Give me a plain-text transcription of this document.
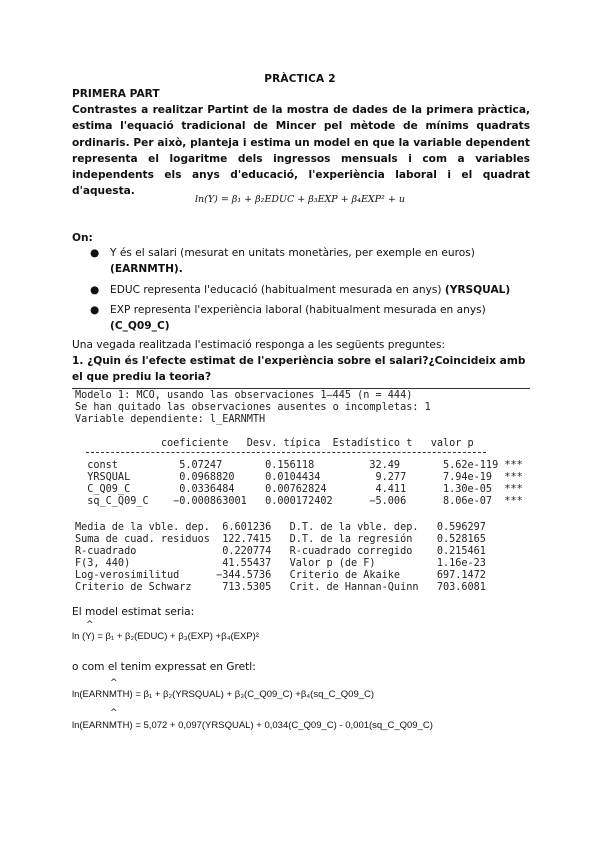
PRÀCTICA 2
PRIMERA PART
Contrastes a realitzar Partint de la mostra de dades de la primera pràctica, estima l'equació tradicional de Mincer pel mètode de mínims quadrats ordinaris. Per això, planteja i estima un model en que la variable dependent representa el logaritme dels ingressos mensuals i com a variables independents els anys d'educació, l'experiència laboral i el quadrat d'aquesta.
ln(Y) = β₁ + β₂EDUC + β₃EXP + β₄EXP² + u
On:
● Y és el salari (mesurat en unitats monetàries, per exemple en euros) (EARNMTH).
● EDUC representa l'educació (habitualment mesurada en anys) (YRSQUAL)
● EXP representa l'experiència laboral (habitualment mesurada en anys) (C_Q09_C)
Una vegada realitzada l'estimació responga a les següents preguntes:
1. ¿Quin és l'efecte estimat de l'experiència sobre el salari?¿Coincideix amb el que prediu la teoria?
Modelo 1: MCO, usando las observaciones 1–445 (n = 444)
Se han quitado las observaciones ausentes o incompletas: 1
Variable dependiente: l_EARNMTH
coeficiente   Desv. típica  Estadístico t   valor p
const          5.07247       0.156118         32.49       5.62e-119 ***
YRSQUAL        0.0968820     0.0104434         9.277      7.94e-19  ***
C_Q09_C        0.0336484     0.00762824        4.411      1.30e-05  ***
sq_C_Q09_C    −0.000863001   0.000172402      −5.006      8.06e-07  ***
Media de la vble. dep.  6.601236   D.T. de la vble. dep.   0.596297
Suma de cuad. residuos  122.7415   D.T. de la regresión    0.528165
R-cuadrado              0.220774   R-cuadrado corregido    0.215461
F(3, 440)               41.55437   Valor p (de F)          1.16e-23
Log-verosimilitud      −344.5736   Criterio de Akaike      697.1472
Criterio de Schwarz     713.5305   Crit. de Hannan-Quinn   703.6081
El model estimat seria:
^
ln (Y) = β₁ + β₂(EDUC) + β₃(EXP) +β₄(EXP)²
o com el tenim expressat en Gretl:
^
ln(EARNMTH) = β₁ + β₂(YRSQUAL) + β₃(C_Q09_C) +β₄(sq_C_Q09_C)
^
ln(EARNMTH) = 5,072 + 0,097(YRSQUAL) + 0,034(C_Q09_C) - 0,001(sq_C_Q09_C)
